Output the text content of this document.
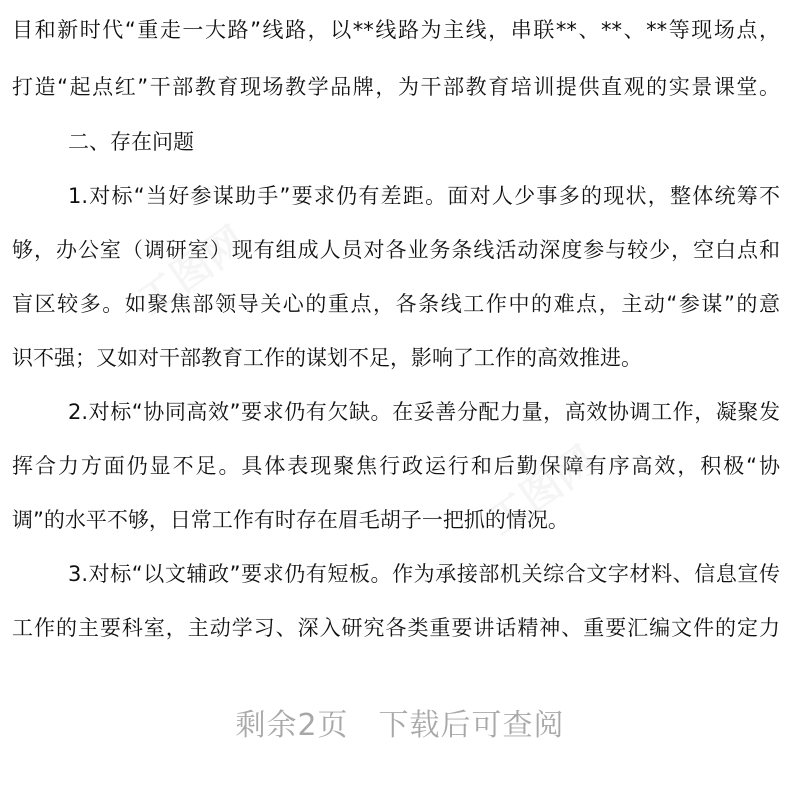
目和新时代“重走一大路”线路，以**线路为主线，串联**、**、**等现场点，
打造“起点红”干部教育现场教学品牌，为干部教育培训提供直观的实景课堂。
二、存在问题
1.对标“当好参谋助手”要求仍有差距。面对人少事多的现状，整体统筹不
够，办公室（调研室）现有组成人员对各业务条线活动深度参与较少，空白点和
盲区较多。如聚焦部领导关心的重点，各条线工作中的难点，主动“参谋”的意
识不强；又如对干部教育工作的谋划不足，影响了工作的高效推进。
2.对标“协同高效”要求仍有欠缺。在妥善分配力量，高效协调工作，凝聚发
挥合力方面仍显不足。具体表现聚焦行政运行和后勤保障有序高效，积极“协
调”的水平不够，日常工作有时存在眉毛胡子一把抓的情况。
3.对标“以文辅政”要求仍有短板。作为承接部机关综合文字材料、信息宣传
工作的主要科室，主动学习、深入研究各类重要讲话精神、重要汇编文件的定力
工图网
工图网
剩余2页 下载后可查阅
